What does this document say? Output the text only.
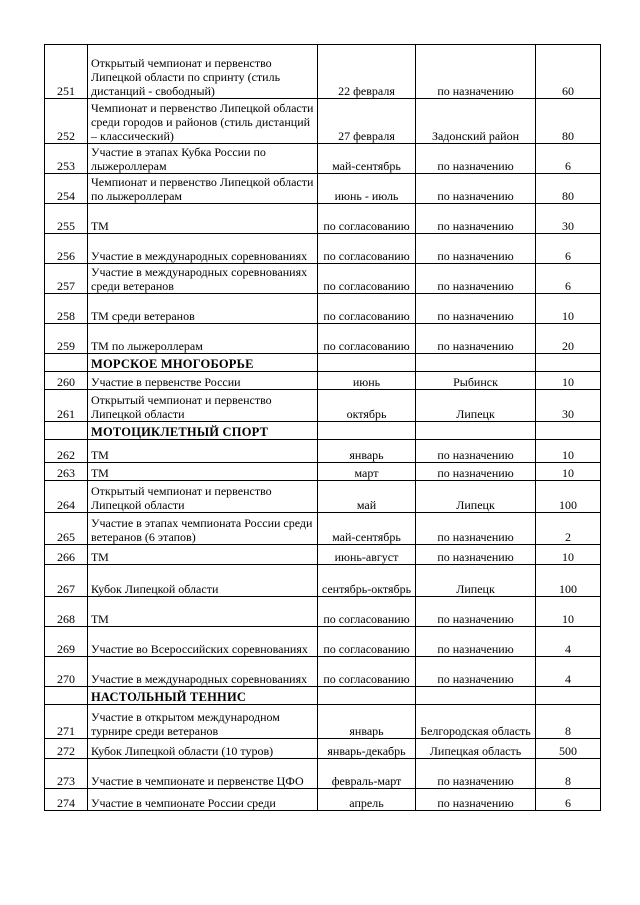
251	Открытый чемпионат и первенство Липецкой области по спринту (стиль дистанций - свободный)	22 февраля	по назначению	60
252	Чемпионат и первенство Липецкой области среди городов и районов (стиль дистанций – классический)	27 февраля	Задонский район	80
253	Участие в этапах Кубка России по лыжероллерам	май-сентябрь	по назначению	6
254	Чемпионат и первенство Липецкой области по лыжероллерам	июнь - июль	по назначению	80
255	ТМ	по согласованию	по назначению	30
256	Участие в международных соревнованиях	по согласованию	по назначению	6
257	Участие в международных соревнованиях среди ветеранов	по согласованию	по назначению	6
258	ТМ среди ветеранов	по согласованию	по назначению	10
259	ТМ по лыжероллерам	по согласованию	по назначению	20
	МОРСКОЕ МНОГОБОРЬЕ			
260	Участие в первенстве России	июнь	Рыбинск	10
261	Открытый чемпионат и первенство Липецкой области	октябрь	Липецк	30
	МОТОЦИКЛЕТНЫЙ СПОРТ			
262	ТМ	январь	по назначению	10
263	ТМ	март	по назначению	10
264	Открытый чемпионат и первенство Липецкой области	май	Липецк	100
265	Участие в этапах чемпионата России среди ветеранов (6 этапов)	май-сентябрь	по назначению	2
266	ТМ	июнь-август	по назначению	10
267	Кубок Липецкой области	сентябрь-октябрь	Липецк	100
268	ТМ	по согласованию	по назначению	10
269	Участие во Всероссийских соревнованиях	по согласованию	по назначению	4
270	Участие в международных соревнованиях	по согласованию	по назначению	4
	НАСТОЛЬНЫЙ ТЕННИС			
271	Участие в открытом международном турнире среди ветеранов	январь	Белгородская область	8
272	Кубок Липецкой области (10 туров)	январь-декабрь	Липецкая область	500
273	Участие в чемпионате и первенстве ЦФО	февраль-март	по назначению	8
274	Участие в чемпионате России среди	апрель	по назначению	6
